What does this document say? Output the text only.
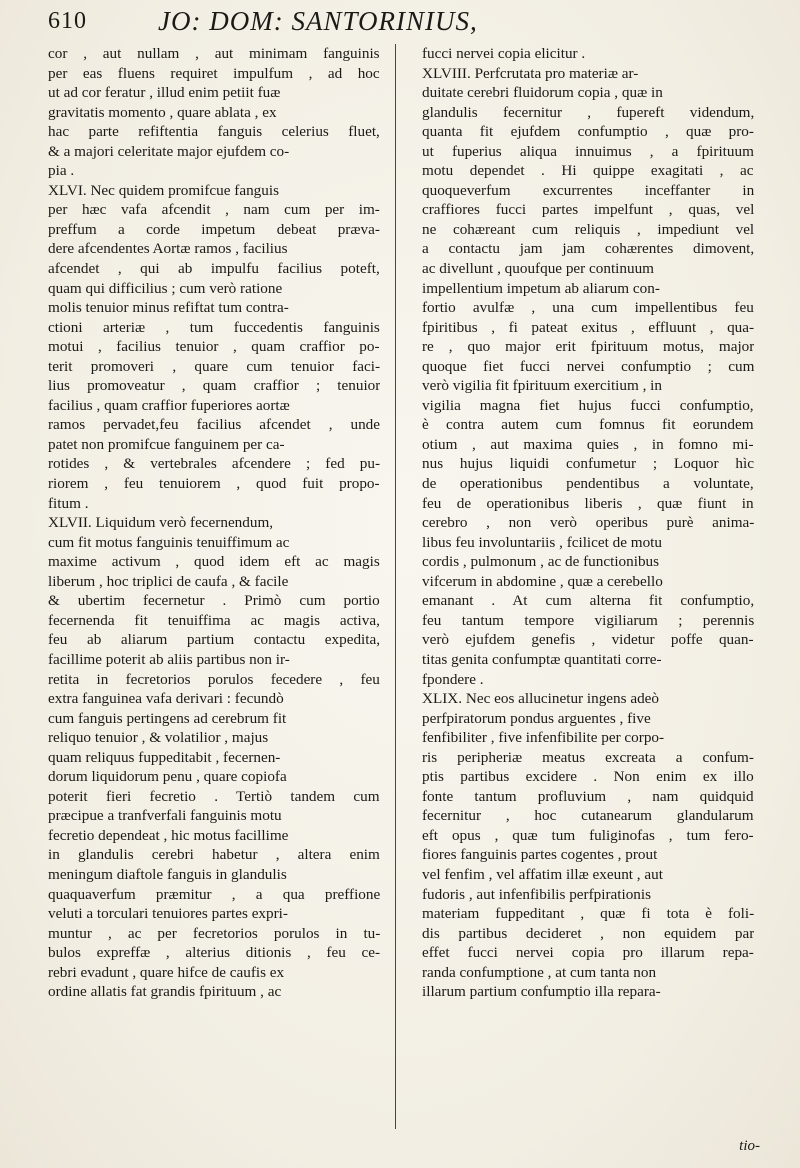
610	JO: DOM: SANTORINIUS,
cor , aut nullam , aut minimam fanguinis
per eas fluens requiret impulfum , ad hoc
ut ad cor feratur , illud enim petiit fuæ
gravitatis momento , quare ablata , ex
hac parte refiftentia fanguis celerius fluet,
& a majori celeritate major ejufdem co-
pia .
XLVI. Nec quidem promifcue fanguis
per hæc vafa afcendit , nam cum per im-
preffum a corde impetum debeat præva-
dere afcendentes Aortæ ramos , facilius
afcendet , qui ab impulfu facilius poteft,
quam qui difficilius ; cum verò ratione
molis tenuior minus refiftat tum contra-
ctioni arteriæ , tum fuccedentis fanguinis
motui , facilius tenuior , quam craffior po-
terit promoveri , quare cum tenuior faci-
lius promoveatur , quam craffior ; tenuior
facilius , quam craffior fuperiores aortæ
ramos pervadet,feu facilius afcendet , unde
patet non promifcue fanguinem per ca-
rotides , & vertebrales afcendere ; fed pu-
riorem , feu tenuiorem , quod fuit propo-
fitum .
XLVII. Liquidum verò fecernendum,
cum fit motus fanguinis tenuiffimum ac
maxime activum , quod idem eft ac magis
liberum , hoc triplici de caufa , & facile
& ubertim fecernetur . Primò cum portio
fecernenda fit tenuiffima ac magis activa,
feu ab aliarum partium contactu expedita,
facillime poterit ab aliis partibus non ir-
retita in fecretorios porulos fecedere , feu
extra fanguinea vafa derivari : fecundò
cum fanguis pertingens ad cerebrum fit
reliquo tenuior , & volatilior , majus
quam reliquus fuppeditabit , fecernen-
dorum liquidorum penu , quare copiofa
poterit fieri fecretio . Tertiò tandem cum
præcipue a tranfverfali fanguinis motu
fecretio dependeat , hic motus facillime
in glandulis cerebri habetur , altera enim
meningum diaftole fanguis in glandulis
quaquaverfum præmitur , a qua preffione
veluti a torculari tenuiores partes expri-
muntur , ac per fecretorios porulos in tu-
bulos expreffæ , alterius ditionis , feu ce-
rebri evadunt , quare hifce de caufis ex
ordine allatis fat grandis fpirituum , ac
fucci nervei copia elicitur .
XLVIII. Perfcrutata pro materiæ ar-
duitate cerebri fluidorum copia , quæ in
glandulis fecernitur , fupereft videndum,
quanta fit ejufdem confumptio , quæ pro-
ut fuperius aliqua innuimus , a fpirituum
motu dependet . Hi quippe exagitati , ac
quoqueverfum excurrentes inceffanter in
craffiores fucci partes impelfunt , quas, vel
ne cohæreant cum reliquis , impediunt vel
a contactu jam jam cohærentes dimovent,
ac divellunt , quoufque per continuum
impellentium impetum ab aliarum con-
fortio avulfæ , una cum impellentibus feu
fpiritibus , fi pateat exitus , effluunt , qua-
re , quo major erit fpirituum motus, major
quoque fiet fucci nervei confumptio ; cum
verò vigilia fit fpirituum exercitium , in
vigilia magna fiet hujus fucci confumptio,
è contra autem cum fomnus fit eorundem
otium , aut maxima quies , in fomno mi-
nus hujus liquidi confumetur ; Loquor hìc
de operationibus pendentibus a voluntate,
feu de operationibus liberis , quæ fiunt in
cerebro , non verò operibus purè anima-
libus feu involuntariis , fcilicet de motu
cordis , pulmonum , ac de functionibus
vifcerum in abdomine , quæ a cerebello
emanant . At cum alterna fit confumptio,
feu tantum tempore vigiliarum ; perennis
verò ejufdem genefis , videtur poffe quan-
titas genita confumptæ quantitati corre-
fpondere .
XLIX. Nec eos allucinetur ingens adeò
perfpiratorum pondus arguentes , five
fenfibiliter , five infenfibilite per corpo-
ris peripheriæ meatus excreata a confum-
ptis partibus excidere . Non enim ex illo
fonte tantum profluvium , nam quidquid
fecernitur , hoc cutanearum glandularum
eft opus , quæ tum fuliginofas , tum fero-
fiores fanguinis partes cogentes , prout
vel fenfim , vel affatim illæ exeunt , aut
fudoris , aut infenfibilis perfpirationis
materiam fuppeditant , quæ fi tota è foli-
dis partibus decideret , non equidem par
effet fucci nervei copia pro illarum repa-
randa confumptione , at cum tanta non
illarum partium confumptio illa repara-
tio-
